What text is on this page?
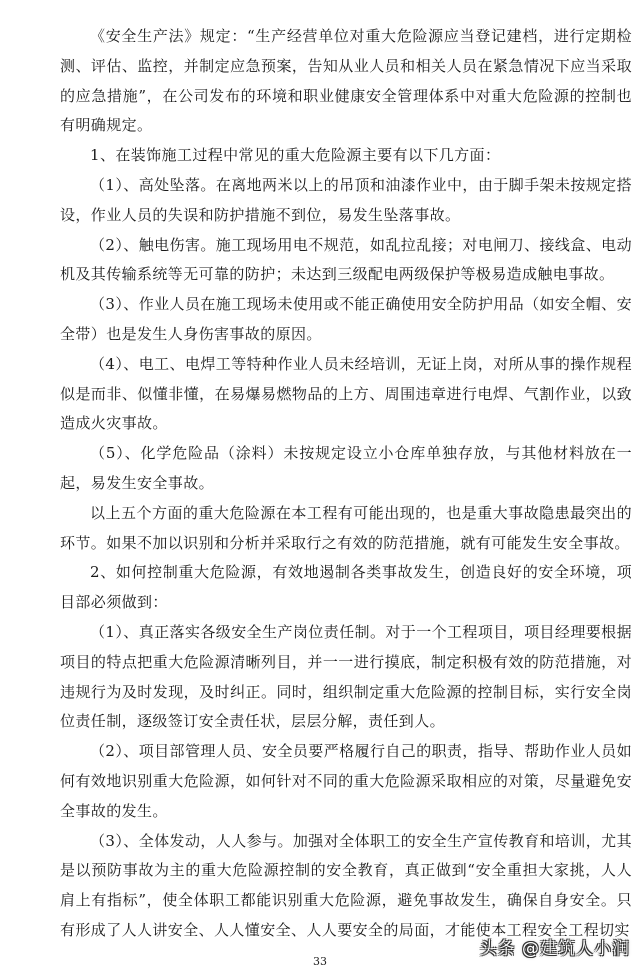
《安全生产法》规定：“生产经营单位对重大危险源应当登记建档，进行定期检测、评估、监控，并制定应急预案，告知从业人员和相关人员在紧急情况下应当采取的应急措施”，在公司发布的环境和职业健康安全管理体系中对重大危险源的控制也有明确规定。

1、在装饰施工过程中常见的重大危险源主要有以下几方面：

（1）、高处坠落。在离地两米以上的吊顶和油漆作业中，由于脚手架未按规定搭设，作业人员的失误和防护措施不到位，易发生坠落事故。

（2）、触电伤害。施工现场用电不规范，如乱拉乱接；对电闸刀、接线盒、电动机及其传输系统等无可靠的防护；未达到三级配电两级保护等极易造成触电事故。

（3）、作业人员在施工现场未使用或不能正确使用安全防护用品（如安全帽、安全带）也是发生人身伤害事故的原因。

（4）、电工、电焊工等特种作业人员未经培训，无证上岗，对所从事的操作规程似是而非、似懂非懂，在易爆易燃物品的上方、周围违章进行电焊、气割作业，以致造成火灾事故。

（5）、化学危险品（涂料）未按规定设立小仓库单独存放，与其他材料放在一起，易发生安全事故。

以上五个方面的重大危险源在本工程有可能出现的，也是重大事故隐患最突出的环节。如果不加以识别和分析并采取行之有效的防范措施，就有可能发生安全事故。

2、如何控制重大危险源，有效地遏制各类事故发生，创造良好的安全环境，项目部必须做到：

（1）、真正落实各级安全生产岗位责任制。对于一个工程项目，项目经理要根据项目的特点把重大危险源清晰列目，并一一进行摸底，制定积极有效的防范措施，对违规行为及时发现，及时纠正。同时，组织制定重大危险源的控制目标，实行安全岗位责任制，逐级签订安全责任状，层层分解，责任到人。

（2）、项目部管理人员、安全员要严格履行自己的职责，指导、帮助作业人员如何有效地识别重大危险源，如何针对不同的重大危险源采取相应的对策，尽量避免安全事故的发生。

（3）、全体发动，人人参与。加强对全体职工的安全生产宣传教育和培训，尤其是以预防事故为主的重大危险源控制的安全教育，真正做到“安全重担大家挑，人人肩上有指标”，使全体职工都能识别重大危险源，避免事故发生，确保自身安全。只有形成了人人讲安全、人人懂安全、人人要安全的局面，才能使本工程安全工程切实

33
头条 @建筑人小润
